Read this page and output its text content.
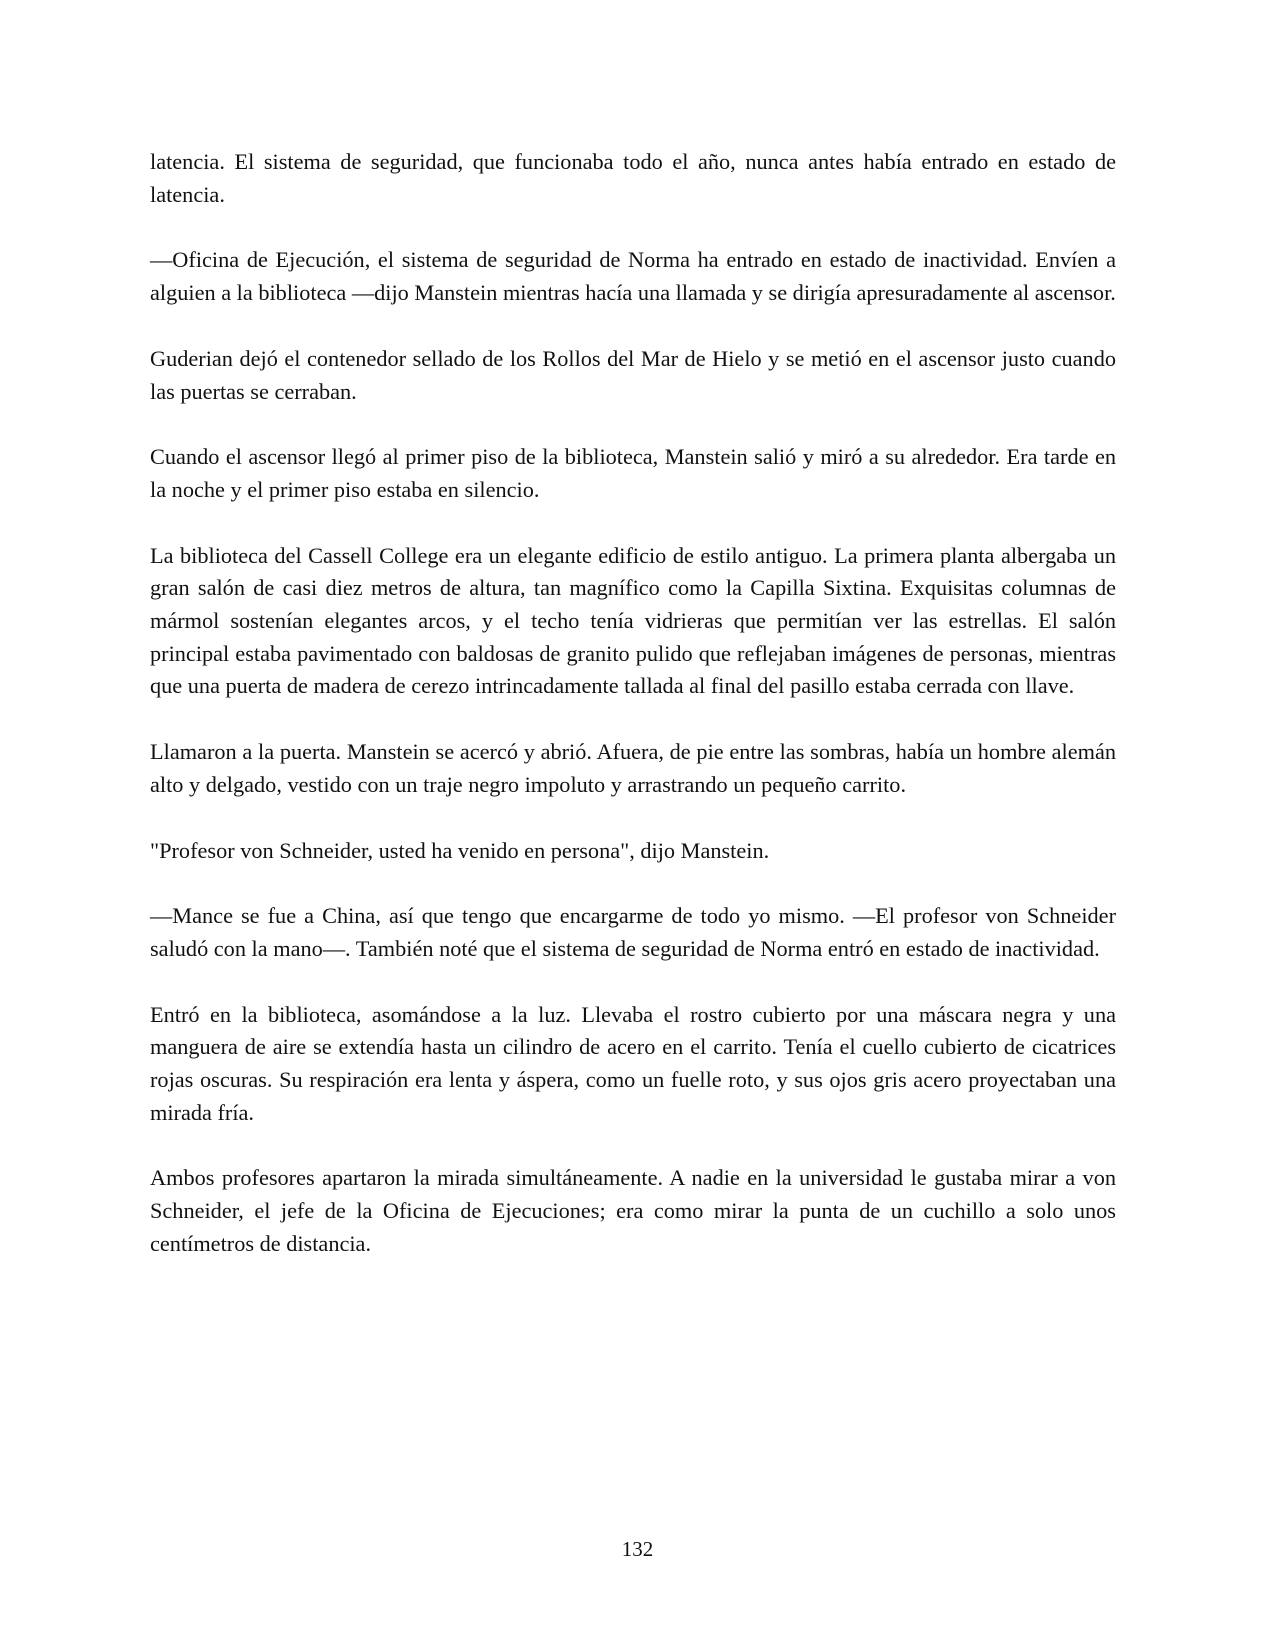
latencia. El sistema de seguridad, que funcionaba todo el año, nunca antes había entrado en estado de latencia.

—Oficina de Ejecución, el sistema de seguridad de Norma ha entrado en estado de inactividad. Envíen a alguien a la biblioteca —dijo Manstein mientras hacía una llamada y se dirigía apresuradamente al ascensor.

Guderian dejó el contenedor sellado de los Rollos del Mar de Hielo y se metió en el ascensor justo cuando las puertas se cerraban.

Cuando el ascensor llegó al primer piso de la biblioteca, Manstein salió y miró a su alrededor. Era tarde en la noche y el primer piso estaba en silencio.

La biblioteca del Cassell College era un elegante edificio de estilo antiguo. La primera planta albergaba un gran salón de casi diez metros de altura, tan magnífico como la Capilla Sixtina. Exquisitas columnas de mármol sostenían elegantes arcos, y el techo tenía vidrieras que permitían ver las estrellas. El salón principal estaba pavimentado con baldosas de granito pulido que reflejaban imágenes de personas, mientras que una puerta de madera de cerezo intrincadamente tallada al final del pasillo estaba cerrada con llave.

Llamaron a la puerta. Manstein se acercó y abrió. Afuera, de pie entre las sombras, había un hombre alemán alto y delgado, vestido con un traje negro impoluto y arrastrando un pequeño carrito.

"Profesor von Schneider, usted ha venido en persona", dijo Manstein.

—Mance se fue a China, así que tengo que encargarme de todo yo mismo. —El profesor von Schneider saludó con la mano—. También noté que el sistema de seguridad de Norma entró en estado de inactividad.

Entró en la biblioteca, asomándose a la luz. Llevaba el rostro cubierto por una máscara negra y una manguera de aire se extendía hasta un cilindro de acero en el carrito. Tenía el cuello cubierto de cicatrices rojas oscuras. Su respiración era lenta y áspera, como un fuelle roto, y sus ojos gris acero proyectaban una mirada fría.

Ambos profesores apartaron la mirada simultáneamente. A nadie en la universidad le gustaba mirar a von Schneider, el jefe de la Oficina de Ejecuciones; era como mirar la punta de un cuchillo a solo unos centímetros de distancia.

132
